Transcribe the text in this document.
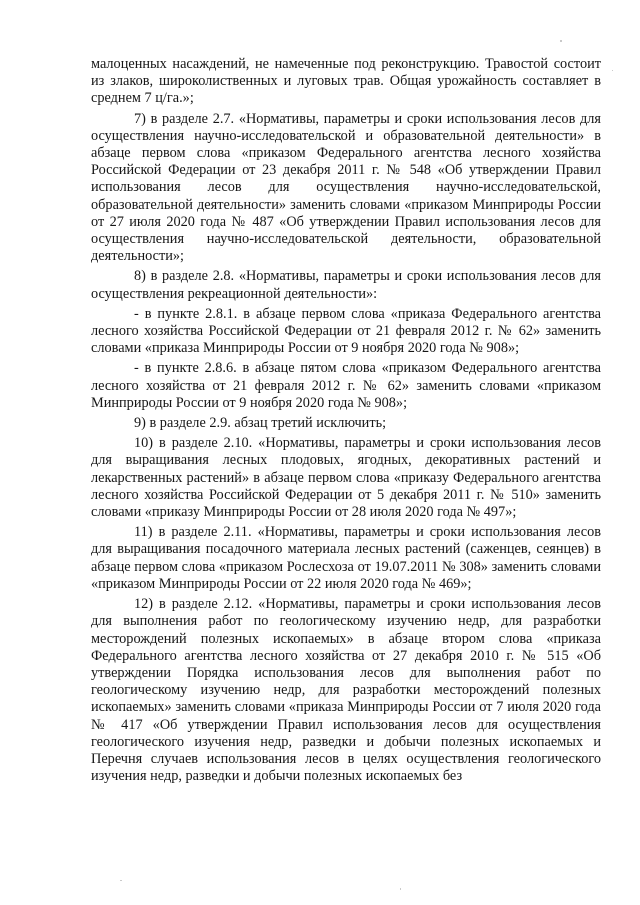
малоценных насаждений, не намеченные под реконструкцию. Травостой состоит из злаков, широколиственных и луговых трав. Общая урожайность составляет в среднем 7 ц/га.»;

7) в разделе 2.7. «Нормативы, параметры и сроки использования лесов для осуществления научно-исследовательской и образовательной деятельности» в абзаце первом слова «приказом Федерального агентства лесного хозяйства Российской Федерации от 23 декабря 2011 г. № 548 «Об утверждении Правил использования лесов для осуществления научно-исследовательской, образовательной деятельности» заменить словами «приказом Минприроды России от 27 июля 2020 года № 487 «Об утверждении Правил использования лесов для осуществления научно-исследовательской деятельности, образовательной деятельности»;

8) в разделе 2.8. «Нормативы, параметры и сроки использования лесов для осуществления рекреационной деятельности»:

- в пункте 2.8.1. в абзаце первом слова «приказа Федерального агентства лесного хозяйства Российской Федерации от 21 февраля 2012 г. № 62» заменить словами «приказа Минприроды России от 9 ноября 2020 года № 908»;

- в пункте 2.8.6. в абзаце пятом слова «приказом Федерального агентства лесного хозяйства от 21 февраля 2012 г. № 62» заменить словами «приказом Минприроды России от 9 ноября 2020 года № 908»;

9) в разделе 2.9. абзац третий исключить;

10) в разделе 2.10. «Нормативы, параметры и сроки использования лесов для выращивания лесных плодовых, ягодных, декоративных растений и лекарственных растений» в абзаце первом слова «приказу Федерального агентства лесного хозяйства Российской Федерации от 5 декабря 2011 г. № 510» заменить словами «приказу Минприроды России от 28 июля 2020 года № 497»;

11) в разделе 2.11. «Нормативы, параметры и сроки использования лесов для выращивания посадочного материала лесных растений (саженцев, сеянцев) в абзаце первом слова «приказом Рослесхоза от 19.07.2011 № 308» заменить словами «приказом Минприроды России от 22 июля 2020 года № 469»;

12) в разделе 2.12. «Нормативы, параметры и сроки использования лесов для выполнения работ по геологическому изучению недр, для разработки месторождений полезных ископаемых» в абзаце втором слова «приказа Федерального агентства лесного хозяйства от 27 декабря 2010 г. № 515 «Об утверждении Порядка использования лесов для выполнения работ по геологическому изучению недр, для разработки месторождений полезных ископаемых» заменить словами «приказа Минприроды России от 7 июля 2020 года № 417 «Об утверждении Правил использования лесов для осуществления геологического изучения недр, разведки и добычи полезных ископаемых и Перечня случаев использования лесов в целях осуществления геологического изучения недр, разведки и добычи полезных ископаемых без
